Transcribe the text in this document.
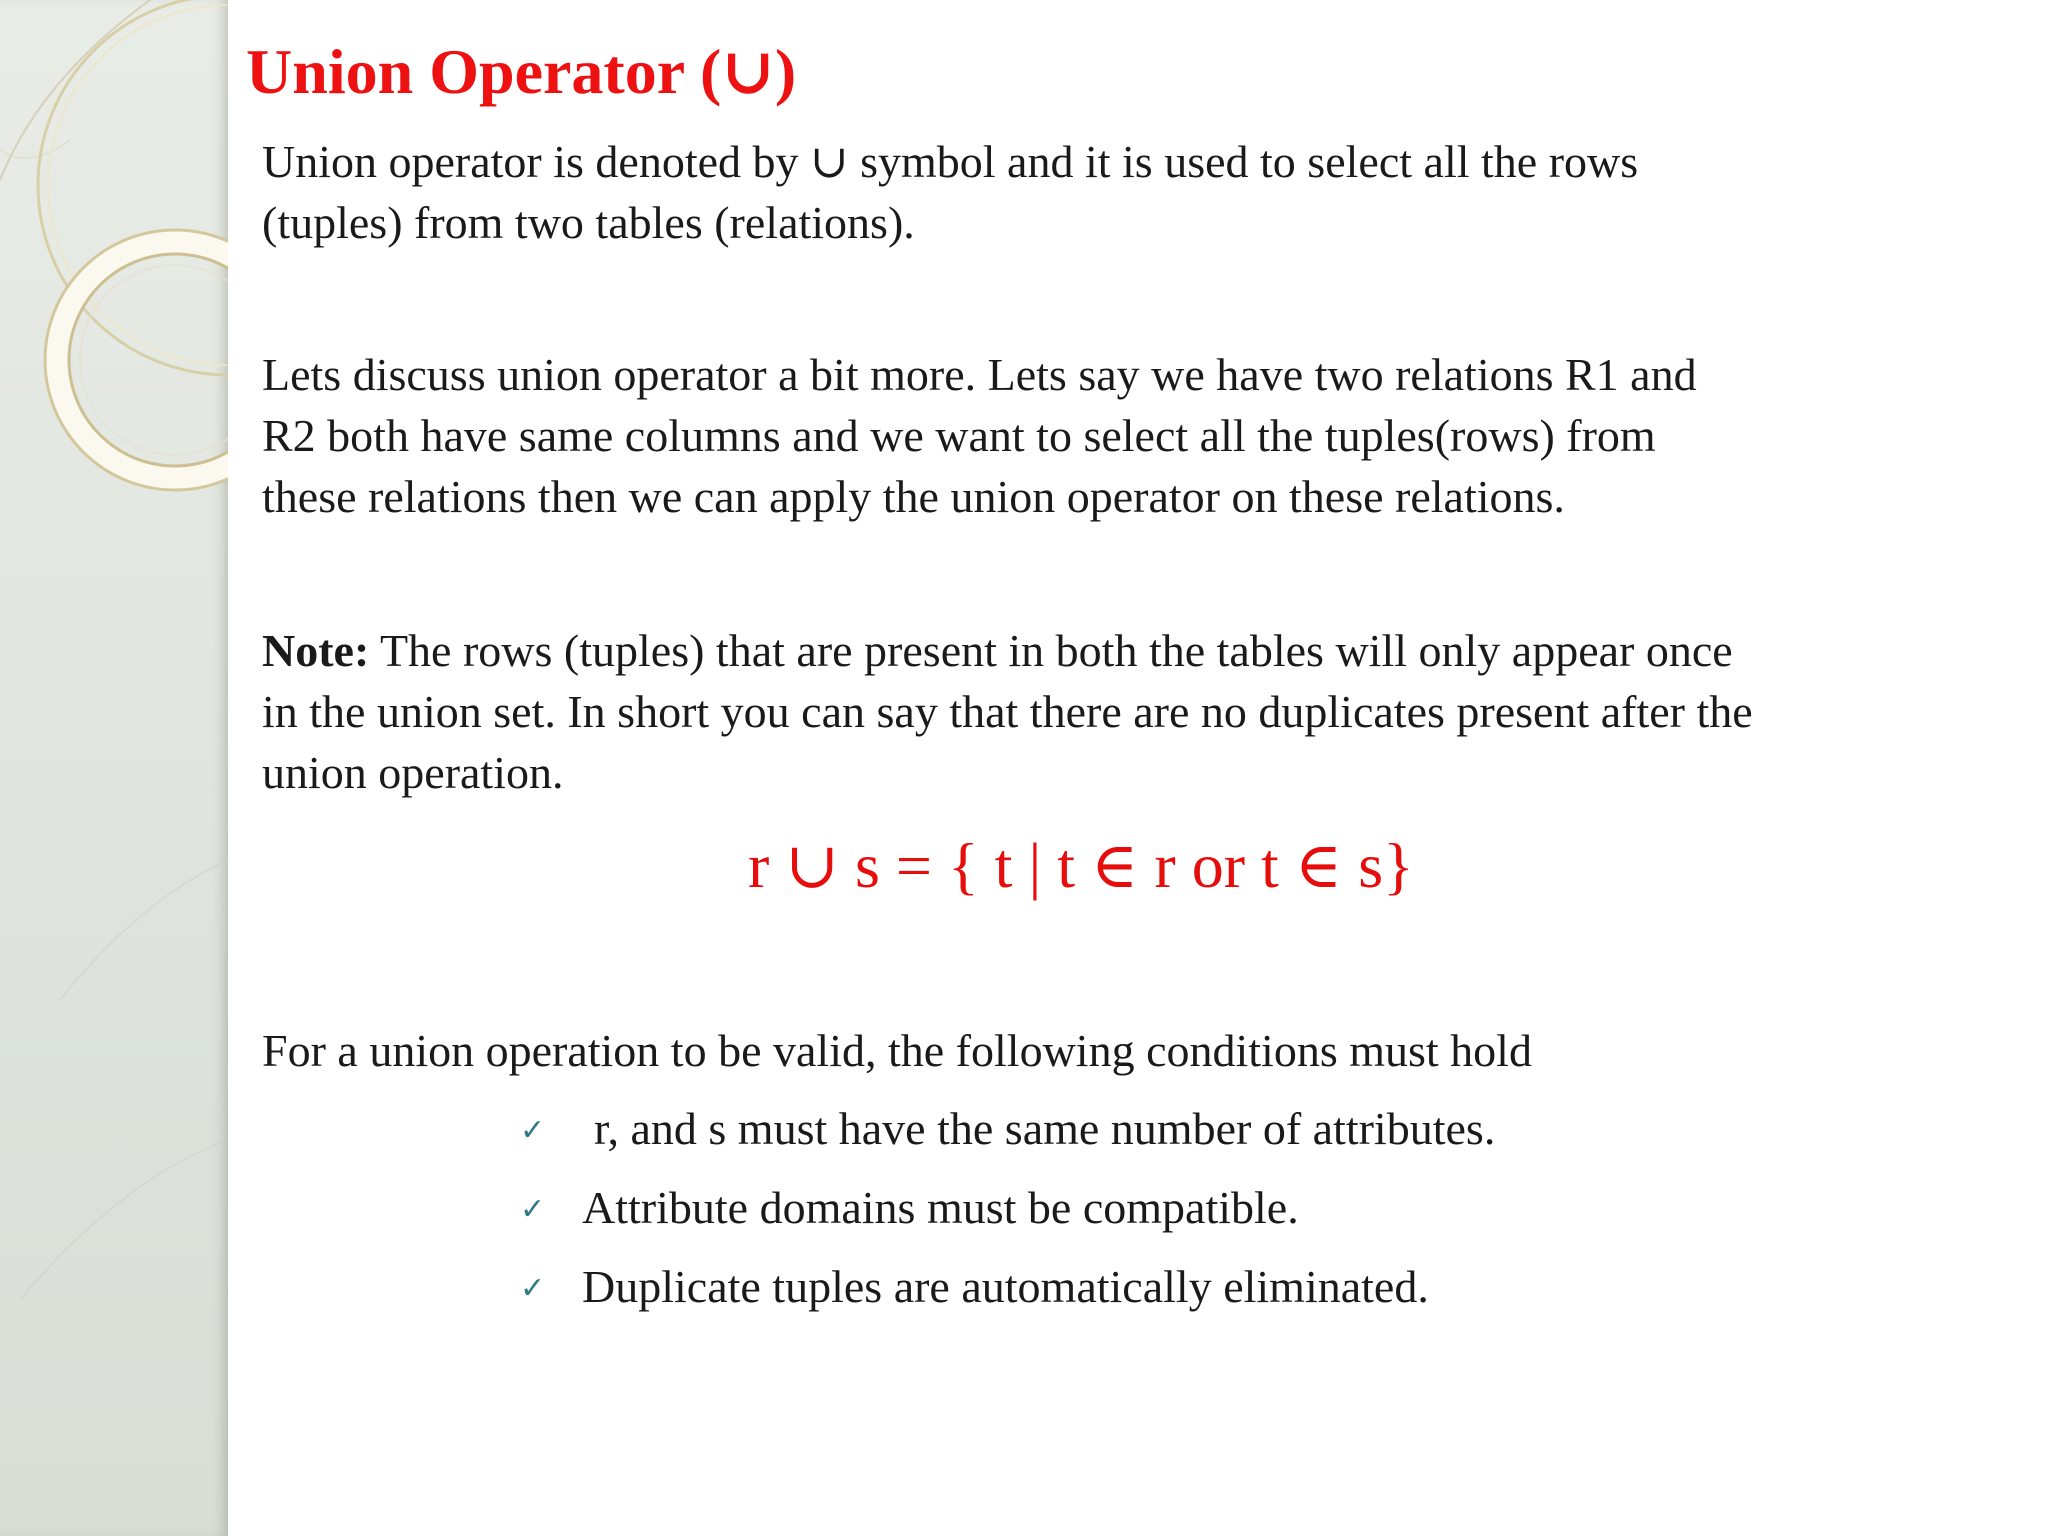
Union Operator (∪)

Union operator is denoted by ∪ symbol and it is used to select all the rows
(tuples) from two tables (relations).

Lets discuss union operator a bit more. Lets say we have two relations R1 and
R2 both have same columns and we want to select all the tuples(rows) from
these relations then we can apply the union operator on these relations.

Note: The rows (tuples) that are present in both the tables will only appear once
in the union set. In short you can say that there are no duplicates present after the
union operation.

r ∪ s = { t | t ∈ r or t ∈ s}

For a union operation to be valid, the following conditions must hold

✓ r, and s must have the same number of attributes.
✓ Attribute domains must be compatible.
✓ Duplicate tuples are automatically eliminated.
